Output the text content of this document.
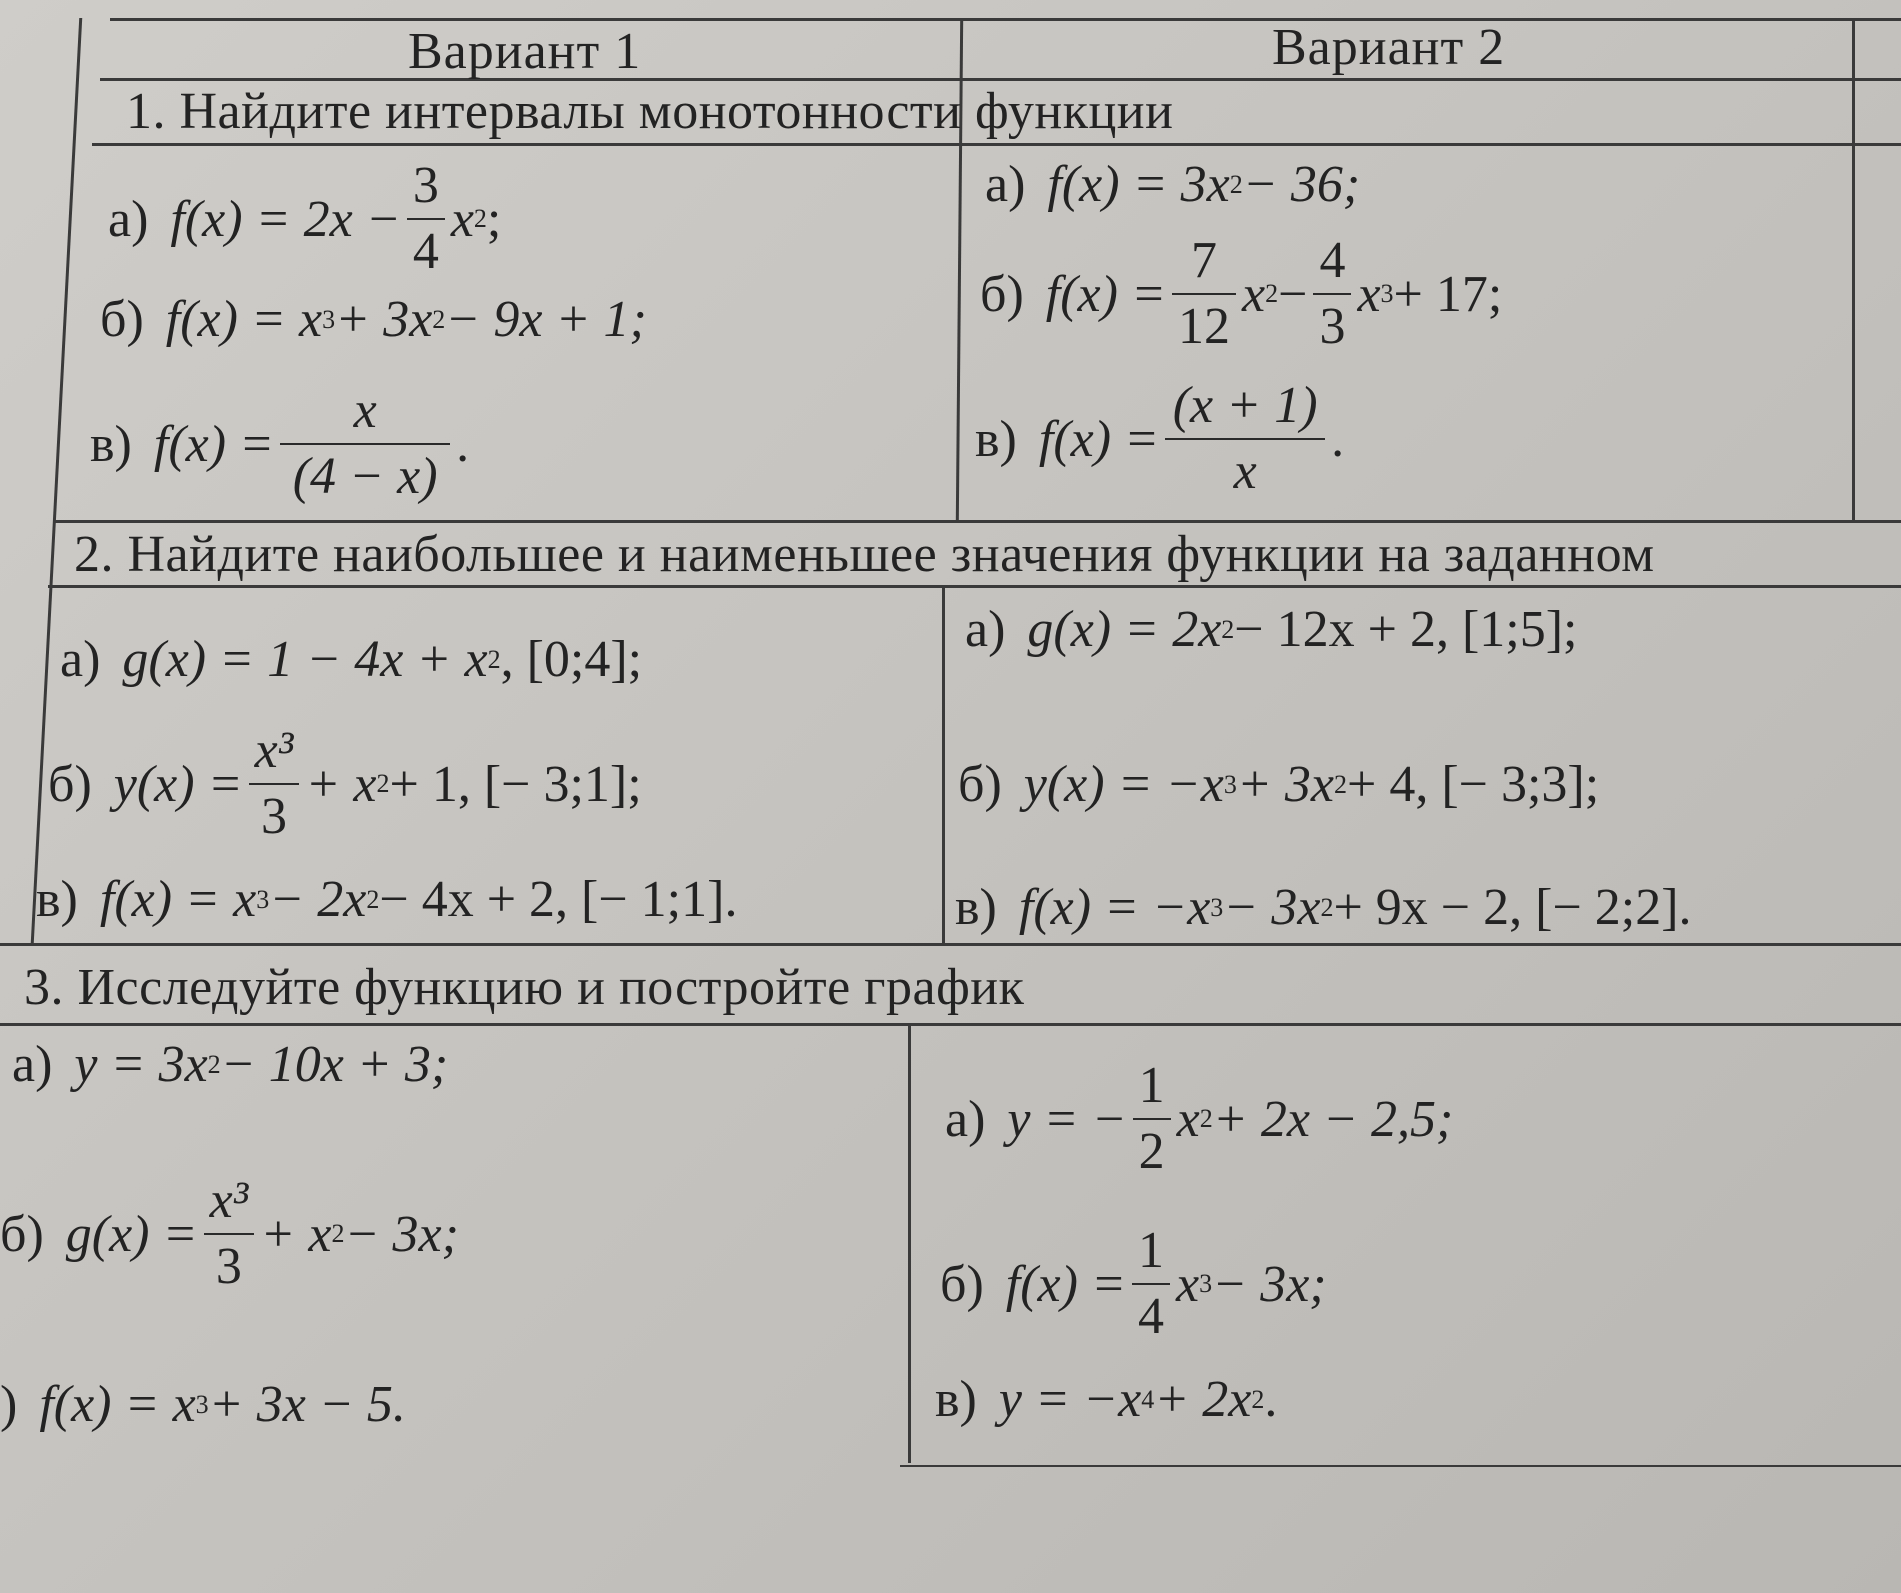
Вариант 1	Вариант 2
1. Найдите интервалы монотонности функции
а) $f(x) = 2x - \frac{3}{4}$ x 2 ;
б) f(x) = x 3 + 3x 2 − 9x + 1;
в) $f(x) = \frac{x}{(4 - x)}$ .
а) f(x) = 3x 2 − 36;
б) $f(x) = \frac{7}{12}$ x $2 - \frac{4}{3}$ x 3 + 17;
в) $f(x) = \frac{(x + 1)}{x}$ .
2. Найдите наибольшее и наименьшее значения функции на заданном
а) g(x) = 1 − 4x + x 2 , [0;4];
б) $y(x) = \frac{\text{x³}}{3} + x$ 2 + 1, [− 3;1];
в) f(x) = x 3 − 2x 2 − 4x + 2, [− 1;1].
а) g(x) = 2x 2 − 12x + 2, [1;5];
б) y(x) = −x 3 + 3x 2 + 4, [− 3;3];
в) f(x) = −x 3 − 3x 2 + 9x − 2, [− 2;2].
3. Исследуйте функцию и постройте график
а) y = 3x 2 − 10x + 3;
б) $g(x) = \frac{\text{x³}}{3} + x$ 2 − 3x;
) f(x) = x 3 + 3x − 5.
а) y = − $\frac{1}{2}$ x 2 + 2x − 2,5;
б) $f(x) = \frac{1}{4}$ x 3 − 3x;
в) y = −x 4 + 2x 2 .
